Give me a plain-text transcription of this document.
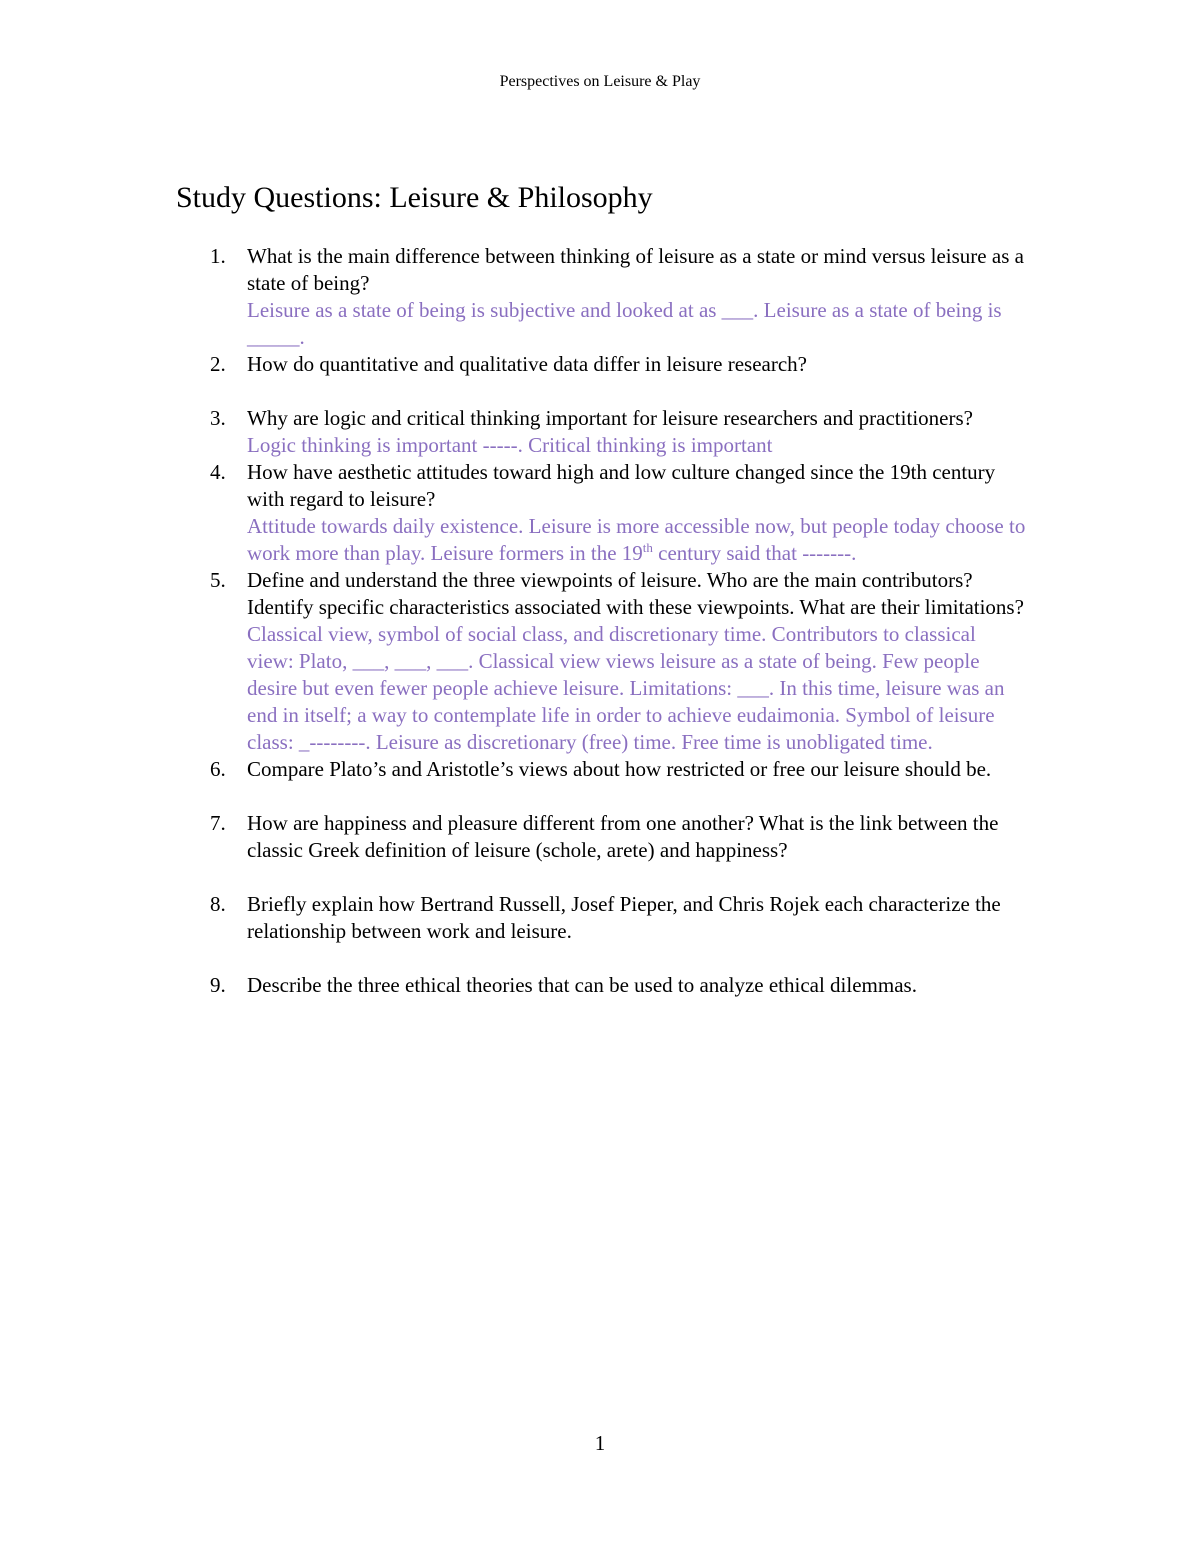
Perspectives on Leisure & Play
Study Questions: Leisure & Philosophy
1. What is the main difference between thinking of leisure as a state or mind versus leisure as a state of being?
Leisure as a state of being is subjective and looked at as ___. Leisure as a state of being is _____.
2. How do quantitative and qualitative data differ in leisure research?
3. Why are logic and critical thinking important for leisure researchers and practitioners?
Logic thinking is important -----. Critical thinking is important
4. How have aesthetic attitudes toward high and low culture changed since the 19th century with regard to leisure?
Attitude towards daily existence. Leisure is more accessible now, but people today choose to work more than play. Leisure formers in the 19th century said that -------.
5. Define and understand the three viewpoints of leisure. Who are the main contributors? Identify specific characteristics associated with these viewpoints. What are their limitations?
Classical view, symbol of social class, and discretionary time. Contributors to classical view: Plato, ___, ___, ___. Classical view views leisure as a state of being. Few people desire but even fewer people achieve leisure. Limitations: ___. In this time, leisure was an end in itself; a way to contemplate life in order to achieve eudaimonia. Symbol of leisure class: _--------. Leisure as discretionary (free) time. Free time is unobligated time.
6. Compare Plato’s and Aristotle’s views about how restricted or free our leisure should be.
7. How are happiness and pleasure different from one another? What is the link between the classic Greek definition of leisure (schole, arete) and happiness?
8. Briefly explain how Bertrand Russell, Josef Pieper, and Chris Rojek each characterize the relationship between work and leisure.
9. Describe the three ethical theories that can be used to analyze ethical dilemmas.
1
